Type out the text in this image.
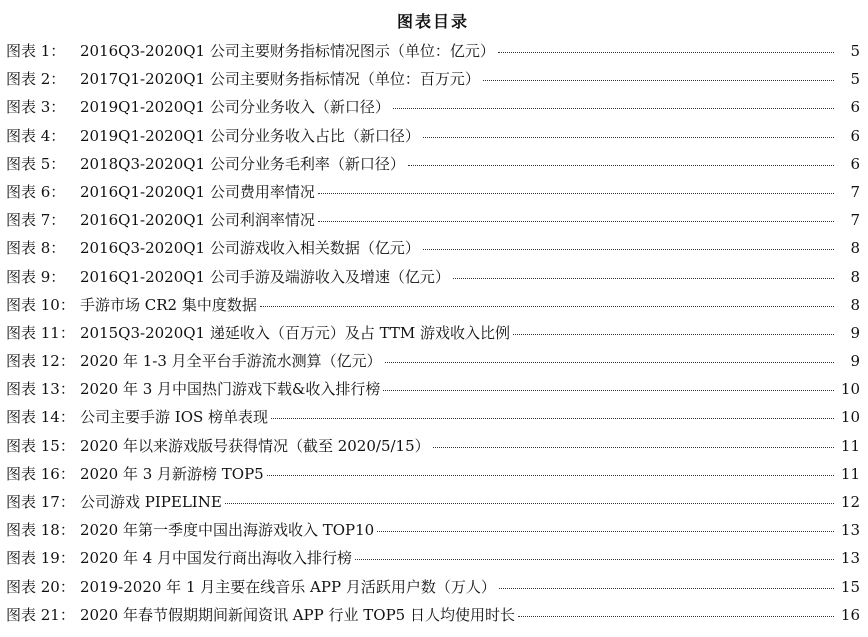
图表目录
图表 1： 2016Q3-2020Q1 公司主要财务指标情况图示（单位：亿元）	5
图表 2： 2017Q1-2020Q1 公司主要财务指标情况（单位：百万元）	5
图表 3： 2019Q1-2020Q1 公司分业务收入（新口径）	6
图表 4： 2019Q1-2020Q1 公司分业务收入占比（新口径）	6
图表 5： 2018Q3-2020Q1 公司分业务毛利率（新口径）	6
图表 6： 2016Q1-2020Q1 公司费用率情况	7
图表 7： 2016Q1-2020Q1 公司利润率情况	7
图表 8： 2016Q3-2020Q1 公司游戏收入相关数据（亿元）	8
图表 9： 2016Q1-2020Q1 公司手游及端游收入及增速（亿元）	8
图表 10： 手游市场 CR2 集中度数据	8
图表 11： 2015Q3-2020Q1 递延收入（百万元）及占 TTM 游戏收入比例	9
图表 12： 2020 年 1-3 月全平台手游流水测算（亿元）	9
图表 13： 2020 年 3 月中国热门游戏下载&收入排行榜	10
图表 14： 公司主要手游 IOS 榜单表现	10
图表 15： 2020 年以来游戏版号获得情况（截至 2020/5/15）	11
图表 16： 2020 年 3 月新游榜 TOP5	11
图表 17： 公司游戏 PIPELINE	12
图表 18： 2020 年第一季度中国出海游戏收入 TOP10	13
图表 19： 2020 年 4 月中国发行商出海收入排行榜	13
图表 20： 2019-2020 年 1 月主要在线音乐 APP 月活跃用户数（万人）	15
图表 21： 2020 年春节假期期间新闻资讯 APP 行业 TOP5 日人均使用时长	16
